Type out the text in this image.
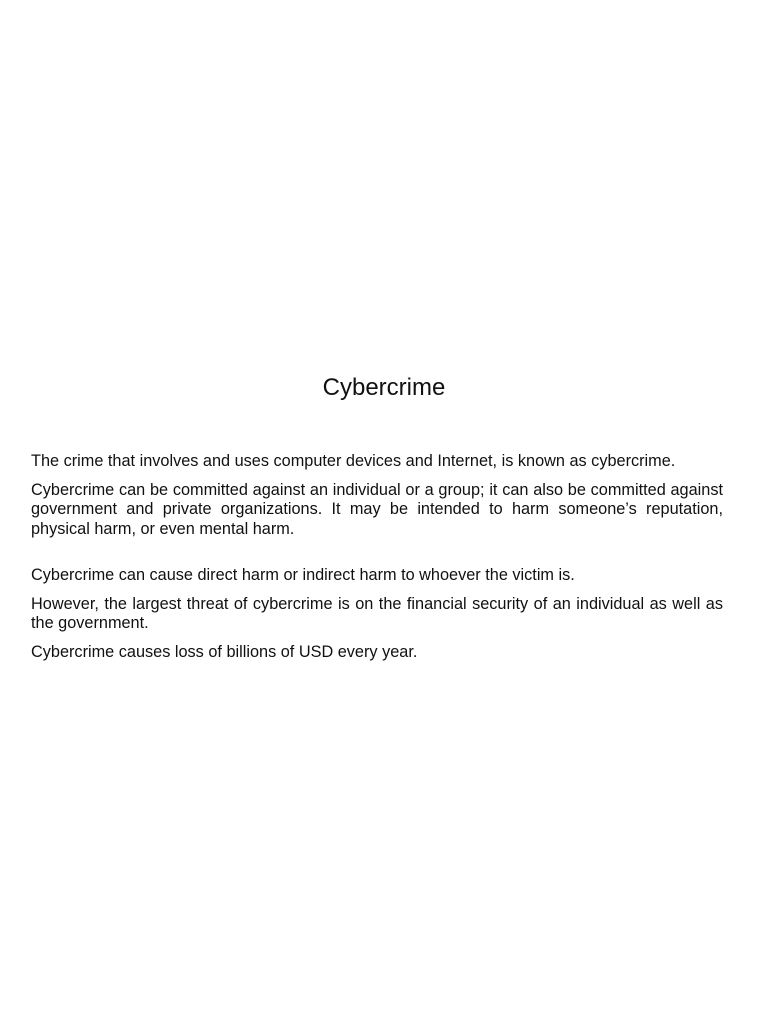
Cybercrime

The crime that involves and uses computer devices and Internet, is known as cybercrime.

Cybercrime can be committed against an individual or a group; it can also be committed against government and private organizations. It may be intended to harm someone’s reputation, physical harm, or even mental harm.

Cybercrime can cause direct harm or indirect harm to whoever the victim is.

However, the largest threat of cybercrime is on the financial security of an individual as well as the government.

Cybercrime causes loss of billions of USD every year.
